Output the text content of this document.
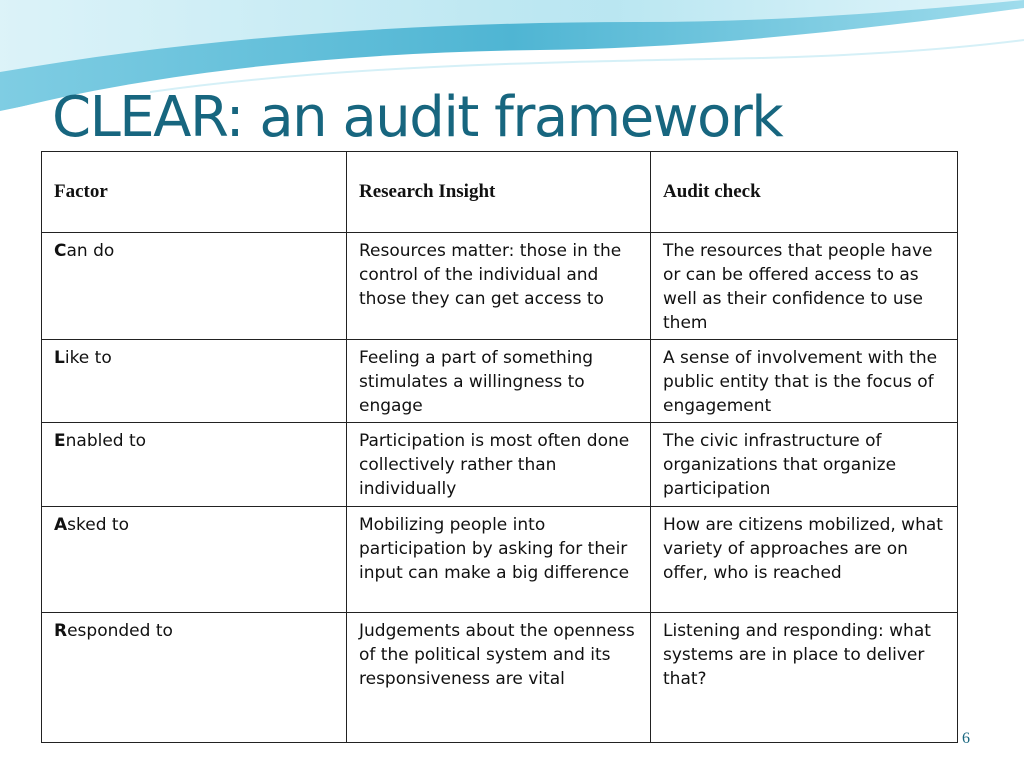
CLEAR: an audit framework
Factor	Research Insight	Audit check
Can do	Resources matter: those in the control of the individual and those they can get access to	The resources that people have or can be offered access to as well as their confidence to use them
Like to	Feeling a part of something stimulates a willingness to engage	A sense of involvement with the public entity that is the focus of engagement
Enabled to	Participation is most often done collectively rather than individually	The civic infrastructure of organizations that organize participation
Asked to	Mobilizing people into participation by asking for their input can make a big difference	How are citizens mobilized, what variety of approaches are on offer, who is reached
Responded to	Judgements about the openness of the political system and its responsiveness are vital	Listening and responding: what systems are in place to deliver that?
6
